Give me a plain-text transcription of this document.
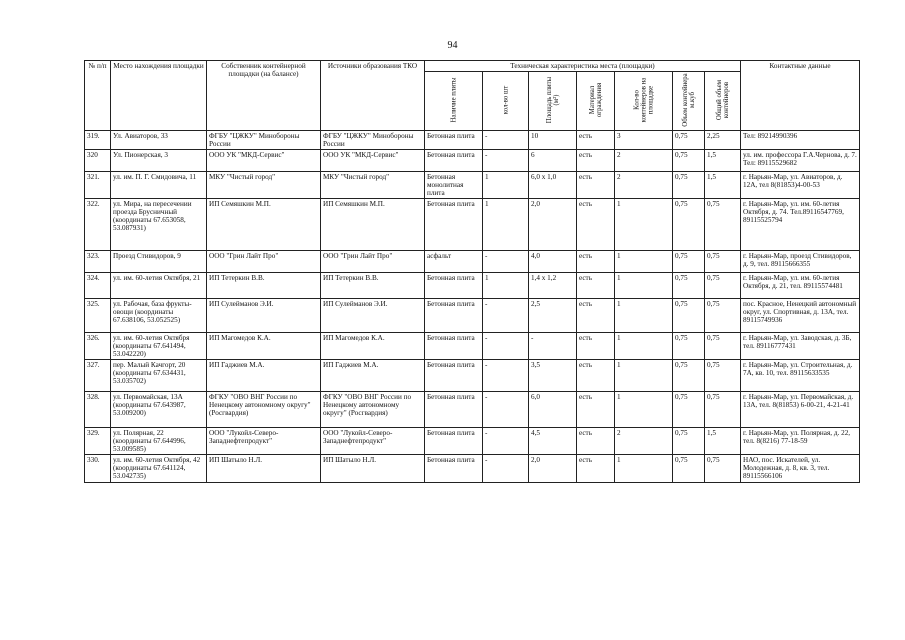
94
№ п/п	Место нахождения площадки	Собственник контейнерной площадки (на балансе)	Источники образования ТКО	Техническая характеристика места (площадки)							Контактные данные

				Наличие плиты	кол-во шт	Площадь плиты (м²)	Материал ограждения	Кол-во контейнеров на площадке	Объем контейнера м.куб	Общий объем контейнеров	

319.	Ул. Авиаторов, 33	ФГБУ "ЦЖКУ" Минобороны России	ФГБУ "ЦЖКУ" Минобороны России	Бетонная плита	-	10	есть	3	0,75	2,25	Тел: 89214990396
320	Ул. Пионерская, 3	ООО УК "МКД-Сервис"	ООО УК "МКД-Сервис"	Бетонная плита	-	6	есть	2	0,75	1,5	ул. им. профессора Г.А.Чернова, д. 7. Тел: 89115529682
321.	ул. им. П. Г. Смидовича, 11	МКУ "Чистый город"	МКУ "Чистый город"	Бетонная монолитная плита	1	6,0 х 1,0	есть	2	0,75	1,5	г. Нарьян-Мар, ул. Авиаторов, д. 12А, тел 8(81853)4-00-53
322.	ул. Мира, на пересечении проезда Брусничный (координаты 67.653058, 53.087931)	ИП Семяшкин М.П.	ИП Семяшкин М.П.	Бетонная плита	1	2,0	есть	1	0,75	0,75	г. Нарьян-Мар, ул. им. 60-летия Октября, д. 74. Тел.89116547769, 89115525794
323.	Проезд Стивидоров, 9	ООО "Грин Лайт Про"	ООО "Грин Лайт Про"	асфальт	-	4,0	есть	1	0,75	0,75	г. Нарьян-Мар, проезд Стивидоров, д. 9, тел. 89115666355
324.	ул. им. 60-летия Октября, 21	ИП Тетеркин В.В.	ИП Тетеркин В.В.	Бетонная плита	1	1,4 х 1,2	есть	1	0,75	0,75	г. Нарьян-Мар, ул. им. 60-летия Октября, д. 21, тел. 89115574481
325.	ул. Рабочая, база фрукты-овощи (координаты 67.638106, 53.052525)	ИП Сулейманов Э.И.	ИП Сулейманов Э.И.	Бетонная плита	-	2,5	есть	1	0,75	0,75	пос. Красное, Ненецкий автономный округ, ул. Спортивная, д. 13А, тел. 89115749936
326.	ул. им. 60-летия Октября (координаты 67.641494, 53.042220)	ИП Магомедов К.А.	ИП Магомедов К.А.	Бетонная плита	-	-	есть	1	0,75	0,75	г. Нарьян-Мар, ул. Заводская, д. 3Б, тел. 89116777431
327.	пер. Малый Качгорт, 20 (координаты 67.634431, 53.035702)	ИП Гаджиев М.А.	ИП Гаджиев М.А.	Бетонная плита	-	3,5	есть	1	0,75	0,75	г. Нарьян-Мар, ул. Строительная, д. 7А, кв. 10, тел. 89115633535
328.	ул. Первомайская, 13А (координаты 67.643987, 53.009200)	ФГКУ "ОВО ВНГ России по Ненецкому автономному округу" (Росгвардия)	ФГКУ "ОВО ВНГ России по Ненецкому автономному округу" (Росгвардия)	Бетонная плита	-	6,0	есть	1	0,75	0,75	г. Нарьян-Мар, ул. Первомайская, д. 13А, тел. 8(81853) 6-00-21, 4-21-41
329.	ул. Полярная, 22 (координаты 67.644996, 53.009585)	ООО "Лукойл-Северо-Западнефтепродукт"	ООО "Лукойл-Северо-Западнефтепродукт"	Бетонная плита	-	4,5	есть	2	0,75	1,5	г. Нарьян-Мар, ул. Полярная, д. 22, тел. 8(8216) 77-18-59
330.	ул. им. 60-летия Октября, 42 (координаты 67.641124, 53.042735)	ИП Шатыло Н.Л.	ИП Шатыло Н.Л.	Бетонная плита	-	2,0	есть	1	0,75	0,75	НАО, пос. Искателей, ул. Молодежная, д. 8, кв. 3, тел. 89115566106
